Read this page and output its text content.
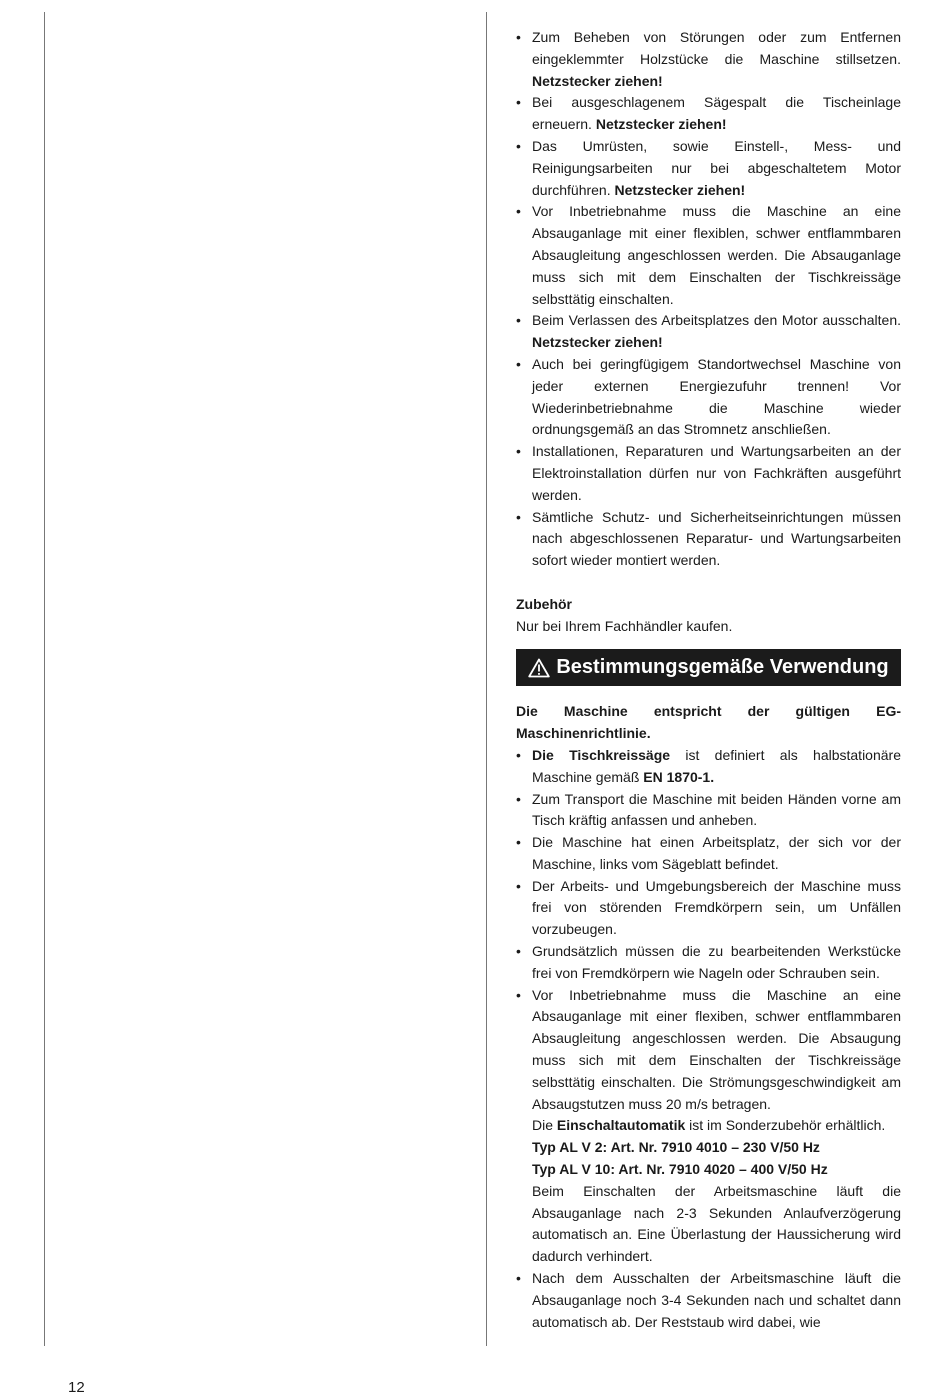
• Zum Beheben von Störungen oder zum Entfernen eingeklemmter Holzstücke die Maschine stillsetzen. Netzstecker ziehen!
• Bei ausgeschlagenem Sägespalt die Tischeinlage erneuern. Netzstecker ziehen!
• Das Umrüsten, sowie Einstell-, Mess- und Reinigungsarbeiten nur bei abgeschaltetem Motor durchführen. Netzstecker ziehen!
• Vor Inbetriebnahme muss die Maschine an eine Absauganlage mit einer flexiblen, schwer entflammbaren Absaugleitung angeschlossen werden. Die Absauganlage muss sich mit dem Einschalten der Tischkreissäge selbsttätig einschalten.
• Beim Verlassen des Arbeitsplatzes den Motor ausschalten. Netzstecker ziehen!
• Auch bei geringfügigem Standortwechsel Maschine von jeder externen Energiezufuhr trennen! Vor Wiederinbetriebnahme die Maschine wieder ordnungsgemäß an das Stromnetz anschließen.
• Installationen, Reparaturen und Wartungsarbeiten an der Elektroinstallation dürfen nur von Fachkräften ausgeführt werden.
• Sämtliche Schutz- und Sicherheitseinrichtungen müssen nach abgeschlossenen Reparatur- und Wartungsarbeiten sofort wieder montiert werden.
Zubehör

Nur bei Ihrem Fachhändler kaufen.

Bestimmungsgemäße Verwendung

Die Maschine entspricht der gültigen EG-Maschinenrichtlinie.

• Die Tischkreissäge ist definiert als halbstationäre Maschine gemäß EN 1870-1.
• Zum Transport die Maschine mit beiden Händen vorne am Tisch kräftig anfassen und anheben.
• Die Maschine hat einen Arbeitsplatz, der sich vor der Maschine, links vom Sägeblatt befindet.
• Der Arbeits- und Umgebungsbereich der Maschine muss frei von störenden Fremdkörpern sein, um Unfällen vorzubeugen.
• Grundsätzlich müssen die zu bearbeitenden Werkstücke frei von Fremdkörpern wie Nageln oder Schrauben sein.

• Vor Inbetriebnahme muss die Maschine an eine Absauganlage mit einer flexiben, schwer entflammbaren Absaugleitung angeschlossen werden. Die Absaugung muss sich mit dem Einschalten der Tischkreissäge selbsttätig einschalten. Die Strömungsgeschwindigkeit am Absaugstutzen muss 20 m/s betragen.

Die Einschaltautomatik ist im Sonderzubehör erhältlich.

Typ AL V 2: Art. Nr. 7910 4010 – 230 V/50 Hz

Typ AL V 10: Art. Nr. 7910 4020 – 400 V/50 Hz

Beim Einschalten der Arbeitsmaschine läuft die Absauganlage nach 2-3 Sekunden Anlaufverzögerung automatisch an. Eine Überlastung der Haussicherung wird dadurch verhindert.

• Nach dem Ausschalten der Arbeitsmaschine läuft die Absauganlage noch 3-4 Sekunden nach und schaltet dann automatisch ab. Der Reststaub wird dabei, wie
12
